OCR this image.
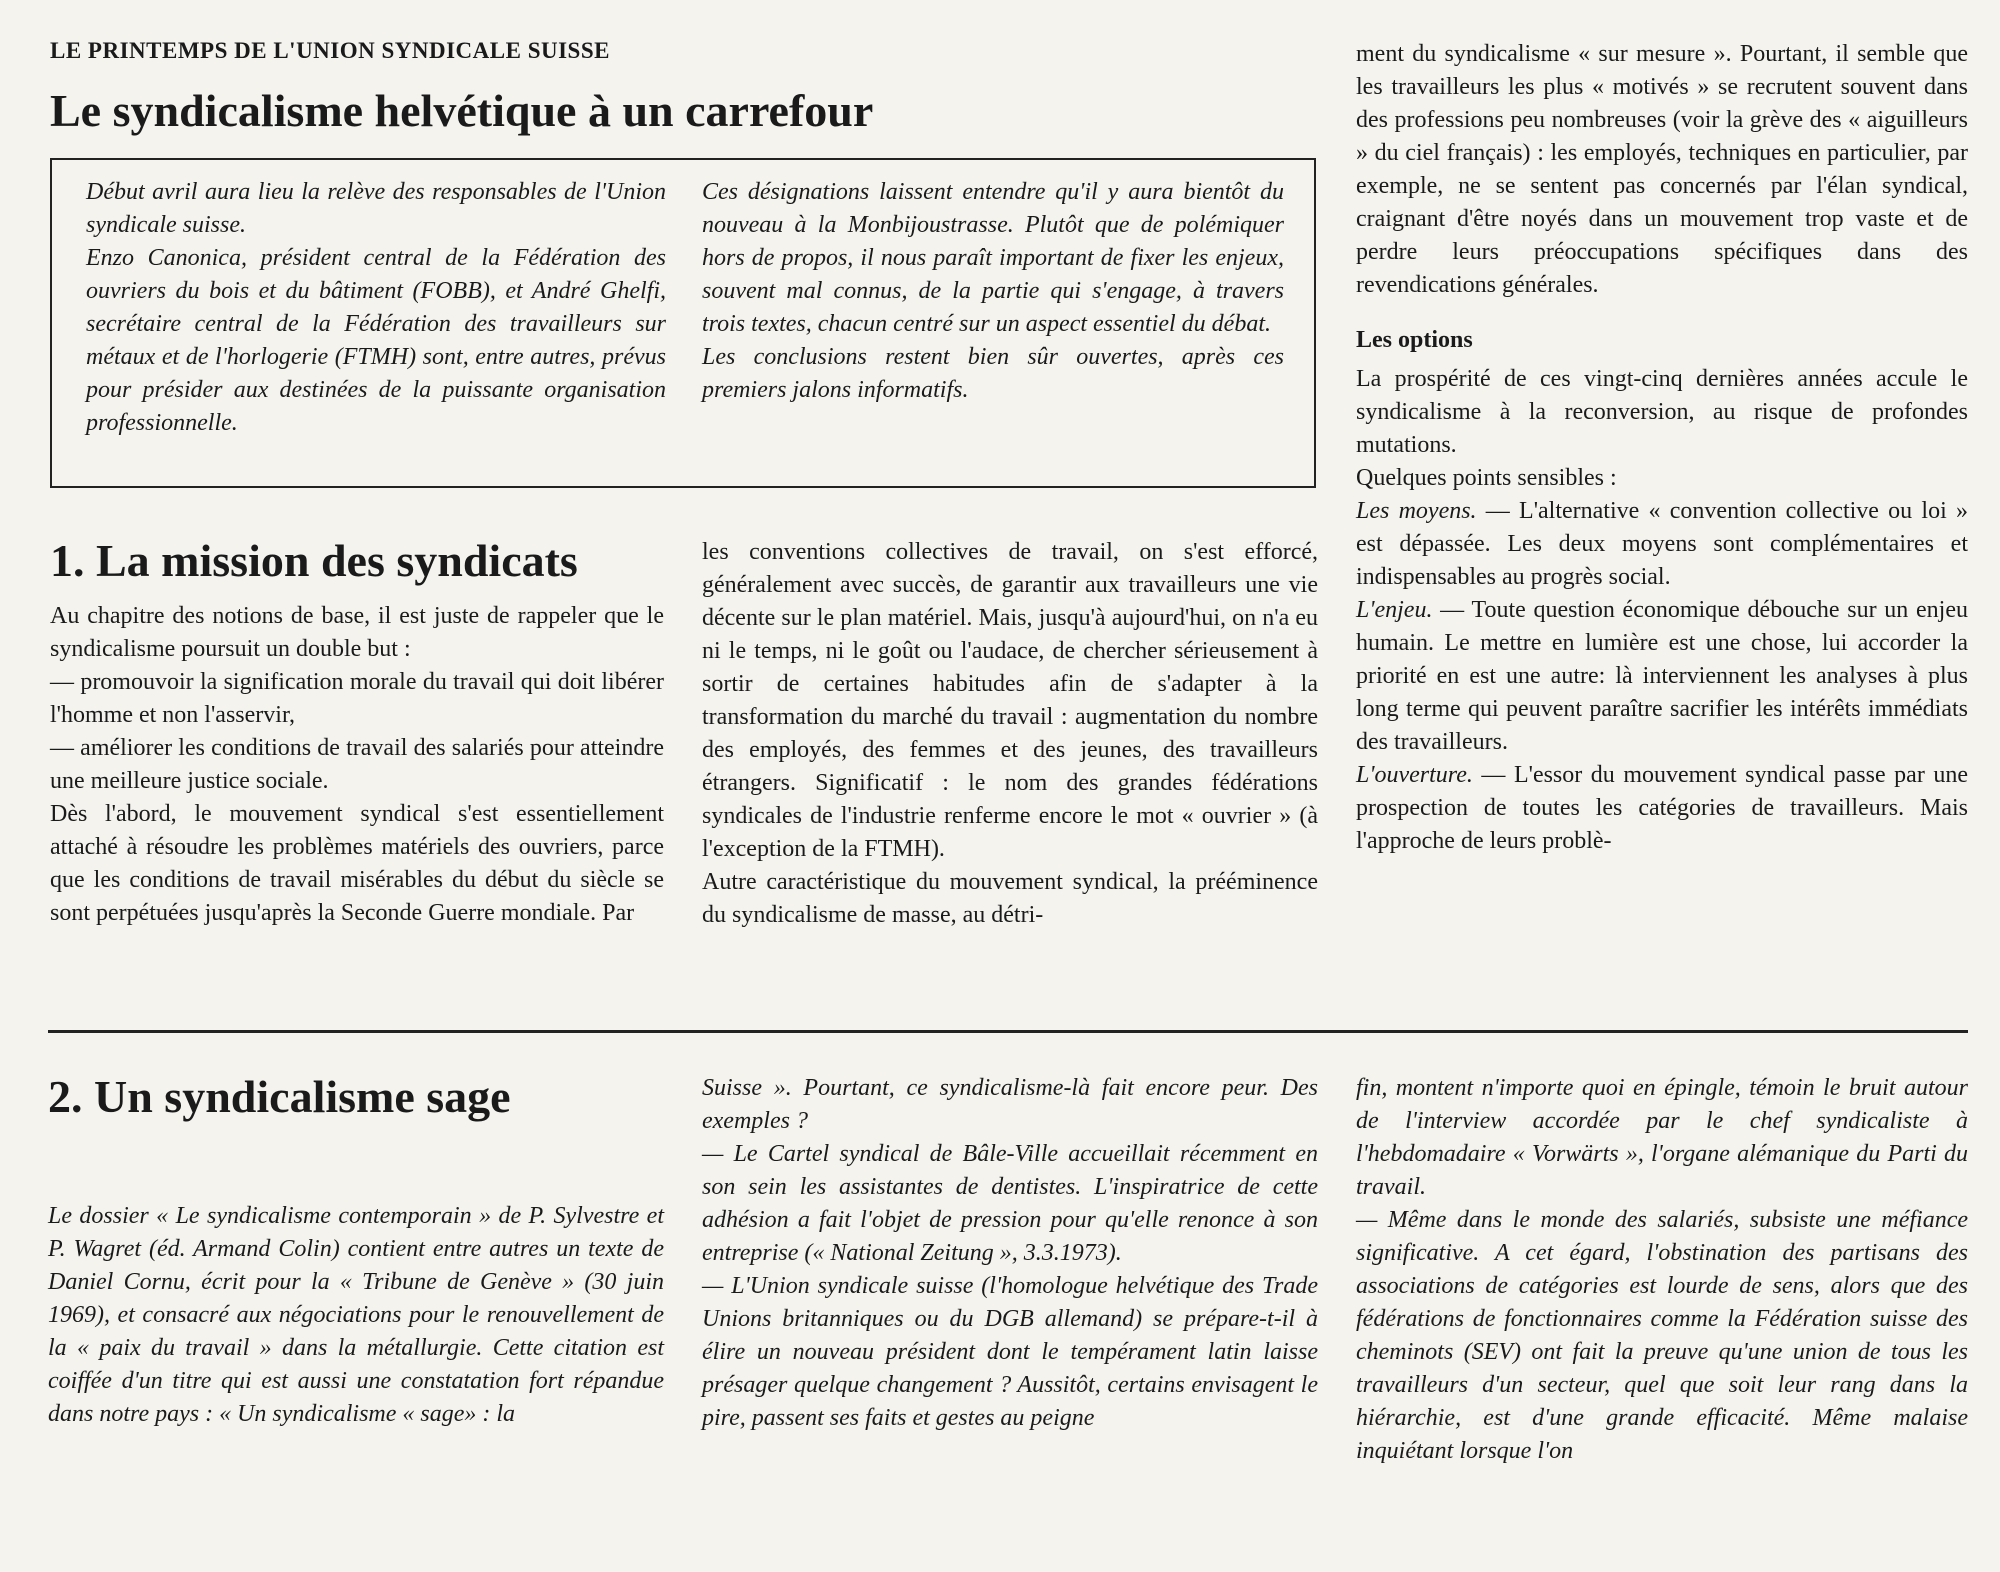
LE PRINTEMPS DE L'UNION SYNDICALE SUISSE
Le syndicalisme helvétique à un carrefour

Début avril aura lieu la relève des responsables de l'Union syndicale suisse.

Enzo Canonica, président central de la Fédération des ouvriers du bois et du bâtiment (FOBB), et André Ghelfi, secrétaire central de la Fédération des travailleurs sur métaux et de l'horlogerie (FTMH) sont, entre autres, prévus pour présider aux destinées de la puissante organisation professionnelle.

Ces désignations laissent entendre qu'il y aura bientôt du nouveau à la Monbijoustrasse. Plutôt que de polémiquer hors de propos, il nous paraît important de fixer les enjeux, souvent mal connus, de la partie qui s'engage, à travers trois textes, chacun centré sur un aspect essentiel du débat.

Les conclusions restent bien sûr ouvertes, après ces premiers jalons informatifs.

1. La mission des syndicats

Au chapitre des notions de base, il est juste de rappeler que le syndicalisme poursuit un double but :

— promouvoir la signification morale du travail qui doit libérer l'homme et non l'asservir,

— améliorer les conditions de travail des salariés pour atteindre une meilleure justice sociale.

Dès l'abord, le mouvement syndical s'est essentiellement attaché à résoudre les problèmes matériels des ouvriers, parce que les conditions de travail misérables du début du siècle se sont perpétuées jusqu'après la Seconde Guerre mondiale. Par

les conventions collectives de travail, on s'est efforcé, généralement avec succès, de garantir aux travailleurs une vie décente sur le plan matériel. Mais, jusqu'à aujourd'hui, on n'a eu ni le temps, ni le goût ou l'audace, de chercher sérieusement à sortir de certaines habitudes afin de s'adapter à la transformation du marché du travail : augmentation du nombre des employés, des femmes et des jeunes, des travailleurs étrangers. Significatif : le nom des grandes fédérations syndicales de l'industrie renferme encore le mot « ouvrier » (à l'exception de la FTMH).

Autre caractéristique du mouvement syndical, la prééminence du syndicalisme de masse, au détri-

ment du syndicalisme « sur mesure ». Pourtant, il semble que les travailleurs les plus « motivés » se recrutent souvent dans des professions peu nombreuses (voir la grève des « aiguilleurs » du ciel français) : les employés, techniques en particulier, par exemple, ne se sentent pas concernés par l'élan syndical, craignant d'être noyés dans un mouvement trop vaste et de perdre leurs préoccupations spécifiques dans des revendications générales.

Les options

La prospérité de ces vingt-cinq dernières années accule le syndicalisme à la reconversion, au risque de profondes mutations.

Quelques points sensibles :

Les moyens. — L'alternative « convention collective ou loi » est dépassée. Les deux moyens sont complémentaires et indispensables au progrès social.

L'enjeu. — Toute question économique débouche sur un enjeu humain. Le mettre en lumière est une chose, lui accorder la priorité en est une autre: là interviennent les analyses à plus long terme qui peuvent paraître sacrifier les intérêts immédiats des travailleurs.

L'ouverture. — L'essor du mouvement syndical passe par une prospection de toutes les catégories de travailleurs. Mais l'approche de leurs problè-

2. Un syndicalisme sage

Le dossier « Le syndicalisme contemporain » de P. Sylvestre et P. Wagret (éd. Armand Colin) contient entre autres un texte de Daniel Cornu, écrit pour la « Tribune de Genève » (30 juin 1969), et consacré aux négociations pour le renouvellement de la « paix du travail » dans la métallurgie. Cette citation est coiffée d'un titre qui est aussi une constatation fort répandue dans notre pays : « Un syndicalisme « sage» : la

Suisse ». Pourtant, ce syndicalisme-là fait encore peur. Des exemples ?

— Le Cartel syndical de Bâle-Ville accueillait récemment en son sein les assistantes de dentistes. L'inspiratrice de cette adhésion a fait l'objet de pression pour qu'elle renonce à son entreprise (« National Zeitung », 3.3.1973).

— L'Union syndicale suisse (l'homologue helvétique des Trade Unions britanniques ou du DGB allemand) se prépare-t-il à élire un nouveau président dont le tempérament latin laisse présager quelque changement ? Aussitôt, certains envisagent le pire, passent ses faits et gestes au peigne

fin, montent n'importe quoi en épingle, témoin le bruit autour de l'interview accordée par le chef syndicaliste à l'hebdomadaire « Vorwärts », l'organe alémanique du Parti du travail.

— Même dans le monde des salariés, subsiste une méfiance significative. A cet égard, l'obstination des partisans des associations de catégories est lourde de sens, alors que des fédérations de fonctionnaires comme la Fédération suisse des cheminots (SEV) ont fait la preuve qu'une union de tous les travailleurs d'un secteur, quel que soit leur rang dans la hiérarchie, est d'une grande efficacité. Même malaise inquiétant lorsque l'on
